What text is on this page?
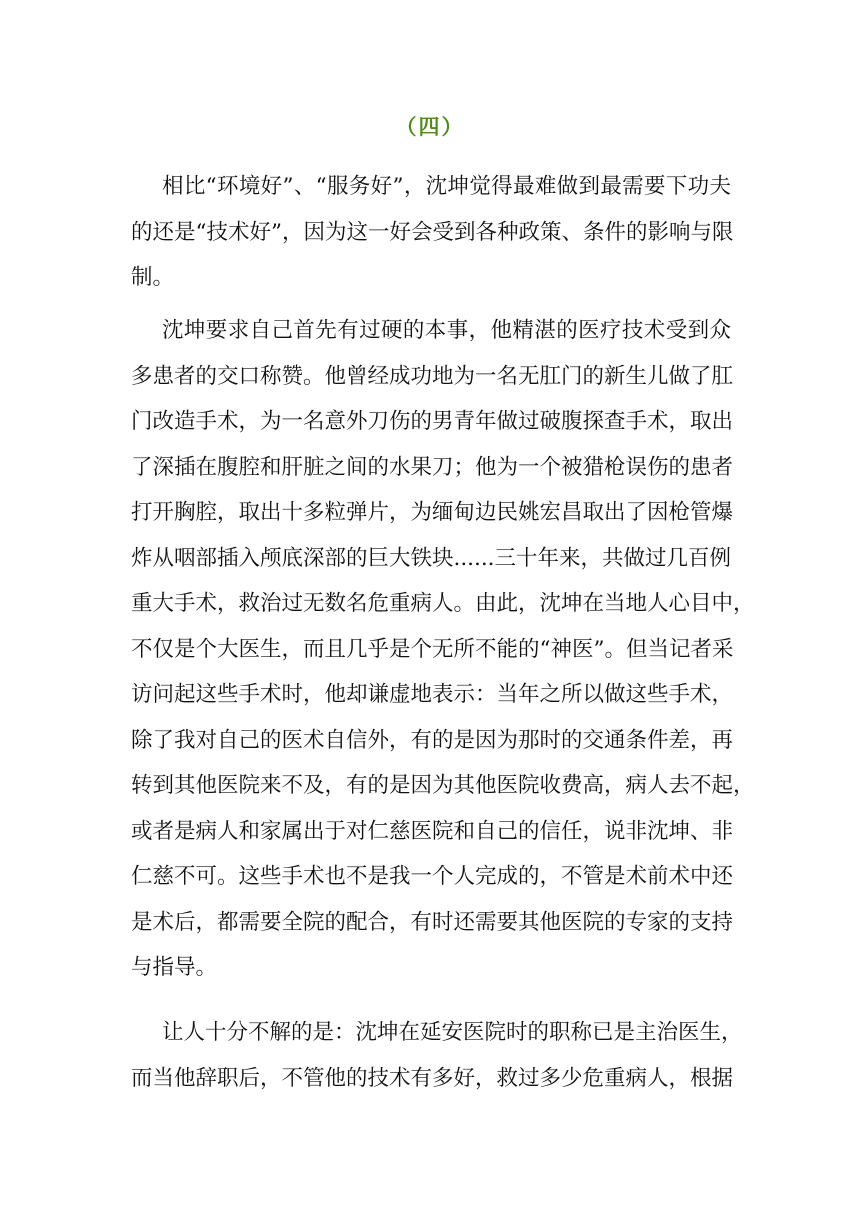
（四）
相比“环境好”、“服务好”，沈坤觉得最难做到最需要下功夫
的还是“技术好”，因为这一好会受到各种政策、条件的影响与限
制。
沈坤要求自己首先有过硬的本事，他精湛的医疗技术受到众
多患者的交口称赞。他曾经成功地为一名无肛门的新生儿做了肛
门改造手术，为一名意外刀伤的男青年做过破腹探查手术，取出
了深插在腹腔和肝脏之间的水果刀；他为一个被猎枪误伤的患者
打开胸腔，取出十多粒弹片，为缅甸边民姚宏昌取出了因枪管爆
炸从咽部插入颅底深部的巨大铁块......三十年来，共做过几百例
重大手术，救治过无数名危重病人。由此，沈坤在当地人心目中，
不仅是个大医生，而且几乎是个无所不能的“神医”。但当记者采
访问起这些手术时，他却谦虚地表示：当年之所以做这些手术，
除了我对自己的医术自信外，有的是因为那时的交通条件差，再
转到其他医院来不及，有的是因为其他医院收费高，病人去不起，
或者是病人和家属出于对仁慈医院和自己的信任，说非沈坤、非
仁慈不可。这些手术也不是我一个人完成的，不管是术前术中还
是术后，都需要全院的配合，有时还需要其他医院的专家的支持
与指导。
让人十分不解的是：沈坤在延安医院时的职称已是主治医生，
而当他辞职后，不管他的技术有多好，救过多少危重病人，根据
